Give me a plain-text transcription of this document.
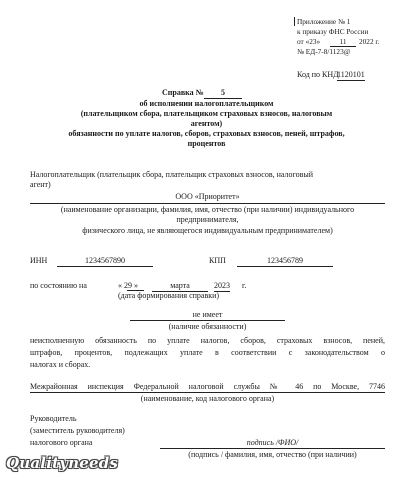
Приложение № 1
к приказу ФНС России
от «23»	11	2022 г.
№ ЕД-7-8/1123@
Код по КНД
1120101
Справка №	5
об исполнении налогоплательщиком
(плательщиком сбора, плательщиком страховых взносов, налоговым
агентом)
обязанности по уплате налогов, сборов, страховых взносов, пеней, штрафов,
процентов
Налогоплательщик (плательщик сбора, плательщик страховых взносов, налоговый
агент)
ООО «Приоритет»
(наименование организации, фамилия, имя, отчество (при наличии) индивидуального
предпринимателя,
физического лица, не являющегося индивидуальным предпринимателем)
ИНН	1234567890	КПП	123456789
по состоянию на	« 29 »	марта	2023 г.
(дата формирования справки)
не имеет
(наличие обязанности)
неисполненную обязанность по уплате налогов, сборов, страховых взносов, пеней,
штрафов, процентов, подлежащих уплате в соответствии с законодательством о
налогах и сборах.
Межрайонная инспекция Федеральной налоговой службы № 46 по Москве, 7746
(наименование, код налогового органа)
Руководитель
(заместитель руководителя)
налогового органа	подпись /ФИО/
(подпись / фамилия, имя, отчество (при наличии)
Qualityneeds
